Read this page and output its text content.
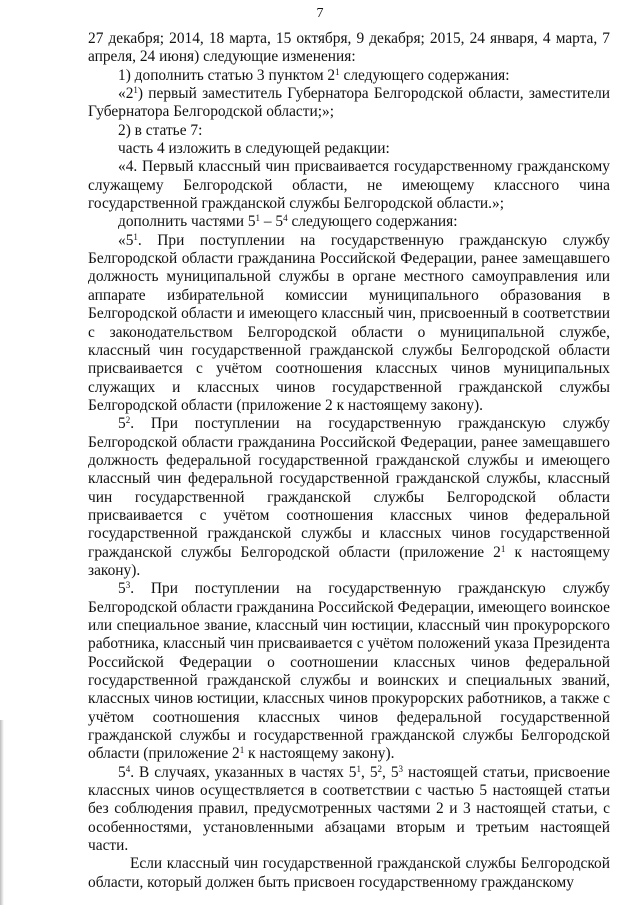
7

27 декабря; 2014, 18 марта, 15 октября, 9 декабря; 2015, 24 января, 4 марта, 7 апреля, 24 июня) следующие изменения:

1) дополнить статью 3 пунктом $2^1$ следующего содержания:

«$2^1$) первый заместитель Губернатора Белгородской области, заместители Губернатора Белгородской области;»;

2) в статье 7:

часть 4 изложить в следующей редакции:

«4. Первый классный чин присваивается государственному гражданскому служащему Белгородской области, не имеющему классного чина государственной гражданской службы Белгородской области.»;

дополнить частями $5^1 - 5^4$ следующего содержания:

«$5^1$. При поступлении на государственную гражданскую службу Белгородской области гражданина Российской Федерации, ранее замещавшего должность муниципальной службы в органе местного самоуправления или аппарате избирательной комиссии муниципального образования в Белгородской области и имеющего классный чин, присвоенный в соответствии с законодательством Белгородской области о муниципальной службе, классный чин государственной гражданской службы Белгородской области присваивается с учётом соотношения классных чинов муниципальных служащих и классных чинов государственной гражданской службы Белгородской области (приложение 2 к настоящему закону).

$5^2$. При поступлении на государственную гражданскую службу Белгородской области гражданина Российской Федерации, ранее замещавшего должность федеральной государственной гражданской службы и имеющего классный чин федеральной государственной гражданской службы, классный чин государственной гражданской службы Белгородской области присваивается с учётом соотношения классных чинов федеральной государственной гражданской службы и классных чинов государственной гражданской службы Белгородской области (приложение $2^1$ к настоящему закону).

$5^3$. При поступлении на государственную гражданскую службу Белгородской области гражданина Российской Федерации, имеющего воинское или специальное звание, классный чин юстиции, классный чин прокурорского работника, классный чин присваивается с учётом положений указа Президента Российской Федерации о соотношении классных чинов федеральной государственной гражданской службы и воинских и специальных званий, классных чинов юстиции, классных чинов прокурорских работников, а также с учётом соотношения классных чинов федеральной государственной гражданской службы и государственной гражданской службы Белгородской области (приложение $2^1$ к настоящему закону).

$5^4$. В случаях, указанных в частях $5^1$, $5^2$, $5^3$ настоящей статьи, присвоение классных чинов осуществляется в соответствии с частью 5 настоящей статьи без соблюдения правил, предусмотренных частями 2 и 3 настоящей статьи, с особенностями, установленными абзацами вторым и третьим настоящей части.

Если классный чин государственной гражданской службы Белгородской области, который должен быть присвоен государственному гражданскому
